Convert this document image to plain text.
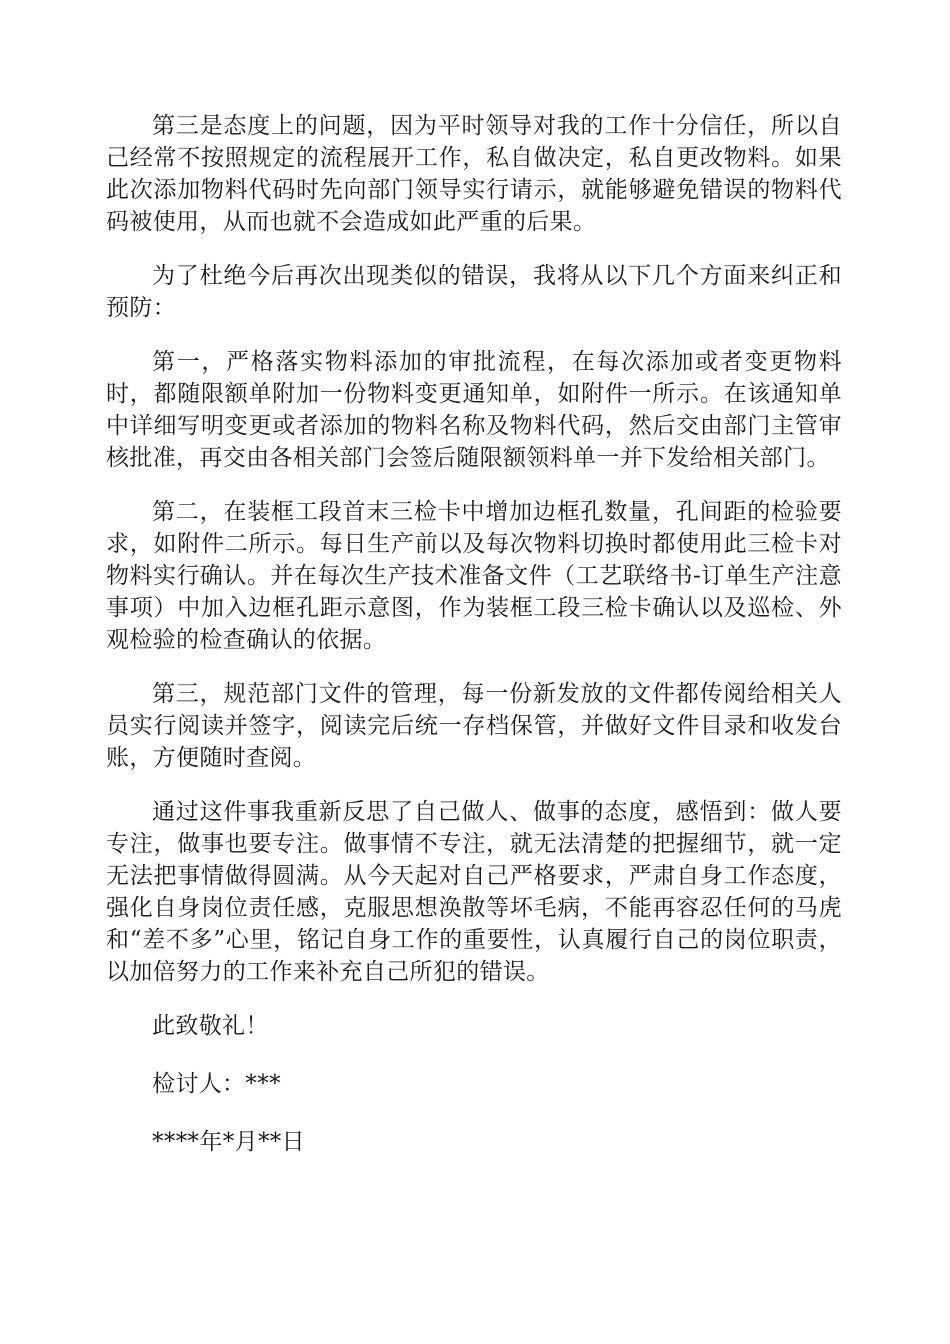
第三是态度上的问题，因为平时领导对我的工作十分信任，所以自己经常不按照规定的流程展开工作，私自做决定，私自更改物料。如果此次添加物料代码时先向部门领导实行请示，就能够避免错误的物料代码被使用，从而也就不会造成如此严重的后果。

为了杜绝今后再次出现类似的错误，我将从以下几个方面来纠正和预防：

第一，严格落实物料添加的审批流程，在每次添加或者变更物料时，都随限额单附加一份物料变更通知单，如附件一所示。在该通知单中详细写明变更或者添加的物料名称及物料代码，然后交由部门主管审核批准，再交由各相关部门会签后随限额领料单一并下发给相关部门。

第二，在装框工段首末三检卡中增加边框孔数量，孔间距的检验要求，如附件二所示。每日生产前以及每次物料切换时都使用此三检卡对物料实行确认。并在每次生产技术准备文件（工艺联络书-订单生产注意事项）中加入边框孔距示意图，作为装框工段三检卡确认以及巡检、外观检验的检查确认的依据。

第三，规范部门文件的管理，每一份新发放的文件都传阅给相关人员实行阅读并签字，阅读完后统一存档保管，并做好文件目录和收发台账，方便随时查阅。

通过这件事我重新反思了自己做人、做事的态度，感悟到：做人要专注，做事也要专注。做事情不专注，就无法清楚的把握细节，就一定无法把事情做得圆满。从今天起对自己严格要求，严肃自身工作态度，强化自身岗位责任感，克服思想涣散等坏毛病，不能再容忍任何的马虎和“差不多”心里，铭记自身工作的重要性，认真履行自己的岗位职责，以加倍努力的工作来补充自己所犯的错误。

此致敬礼！

检讨人：***

****年*月**日
